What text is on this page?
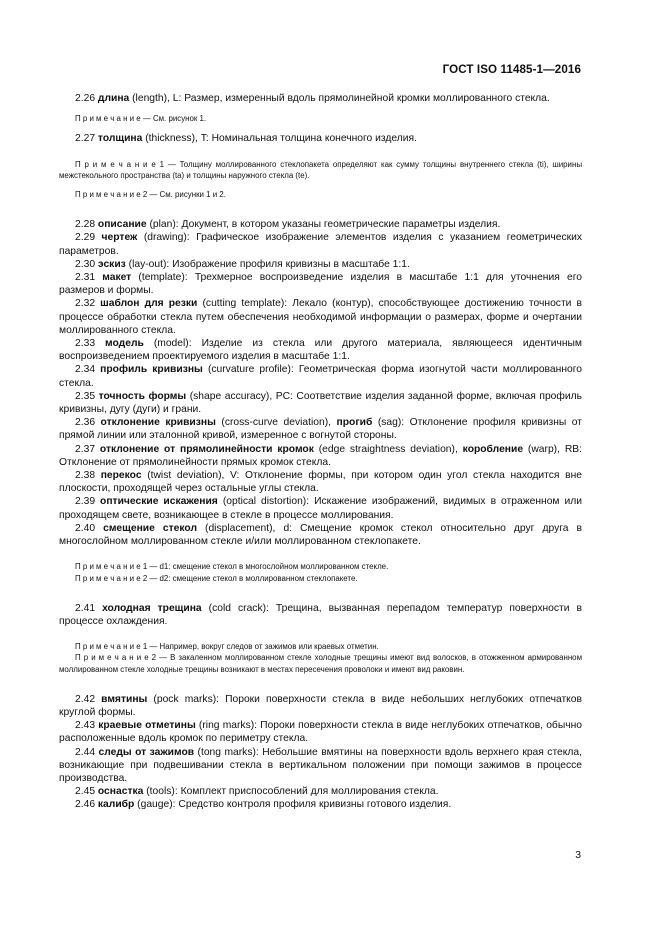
ГОСТ ISO 11485-1—2016

2.26 длина (length), L: Размер, измеренный вдоль прямолинейной кромки моллированного стекла.

П р и м е ч а н и е — См. рисунок 1.

2.27 толщина (thickness), T: Номинальная толщина конечного изделия.

П р и м е ч а н и е 1 — Толщину моллированного стеклопакета определяют как сумму толщины внутреннего стекла (ti), ширины межстекольного пространства (ta) и толщины наружного стекла (te).

П р и м е ч а н и е 2 — См. рисунки 1 и 2.

2.28 описание (plan): Документ, в котором указаны геометрические параметры изделия.

2.29 чертеж (drawing): Графическое изображение элементов изделия с указанием геометрических параметров.

2.30 эскиз (lay-out): Изображение профиля кривизны в масштабе 1:1.

2.31 макет (template): Трехмерное воспроизведение изделия в масштабе 1:1 для уточнения его размеров и формы.

2.32 шаблон для резки (cutting template): Лекало (контур), способствующее достижению точности в процессе обработки стекла путем обеспечения необходимой информации о размерах, форме и очертании моллированного стекла.

2.33 модель (model): Изделие из стекла или другого материала, являющееся идентичным воспроизведением проектируемого изделия в масштабе 1:1.

2.34 профиль кривизны (curvature profile): Геометрическая форма изогнутой части моллированного стекла.

2.35 точность формы (shape accuracy), PC: Соответствие изделия заданной форме, включая профиль кривизны, дугу (дуги) и грани.

2.36 отклонение кривизны (cross-curve deviation), прогиб (sag): Отклонение профиля кривизны от прямой линии или эталонной кривой, измеренное с вогнутой стороны.

2.37 отклонение от прямолинейности кромок (edge straightness deviation), коробление (warp), RB: Отклонение от прямолинейности прямых кромок стекла.

2.38 перекос (twist deviation), V: Отклонение формы, при котором один угол стекла находится вне плоскости, проходящей через остальные углы стекла.

2.39 оптические искажения (optical distortion): Искажение изображений, видимых в отраженном или проходящем свете, возникающее в стекле в процессе моллирования.

2.40 смещение стекол (displacement), d: Смещение кромок стекол относительно друг друга в многослойном моллированном стекле и/или моллированном стеклопакете.

П р и м е ч а н и е 1 — d1: смещение стекол в многослойном моллированном стекле.

П р и м е ч а н и е 2 — d2: смещение стекол в моллированном стеклопакете.

2.41 холодная трещина (cold crack): Трещина, вызванная перепадом температур поверхности в процессе охлаждения.

П р и м е ч а н и е 1 — Например, вокруг следов от зажимов или краевых отметин.

П р и м е ч а н и е 2 — В закаленном моллированном стекле холодные трещины имеют вид волосков, в отожженном армированном моллированном стекле холодные трещины возникают в местах пересечения проволоки и имеют вид раковин.

2.42 вмятины (pock marks): Пороки поверхности стекла в виде небольших неглубоких отпечатков круглой формы.

2.43 краевые отметины (ring marks): Пороки поверхности стекла в виде неглубоких отпечатков, обычно расположенные вдоль кромок по периметру стекла.

2.44 следы от зажимов (tong marks): Небольшие вмятины на поверхности вдоль верхнего края стекла, возникающие при подвешивании стекла в вертикальном положении при помощи зажимов в процессе производства.

2.45 оснастка (tools): Комплект приспособлений для моллирования стекла.

2.46 калибр (gauge): Средство контроля профиля кривизны готового изделия.

3
